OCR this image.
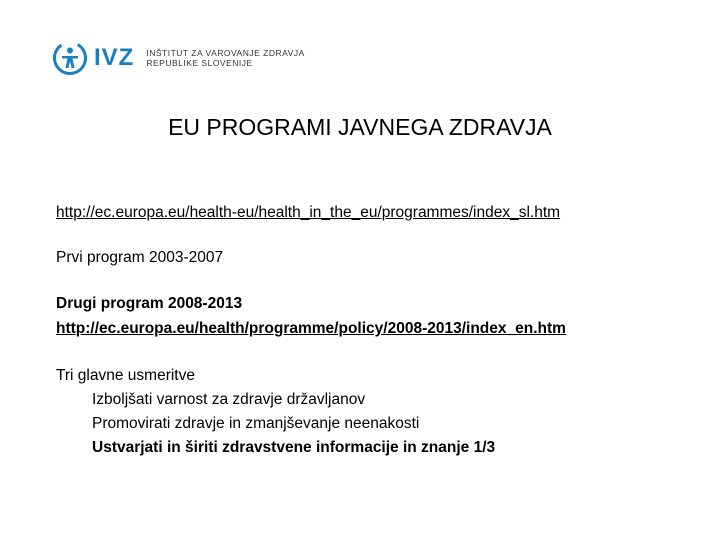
IVZ INŠTITUT ZA VAROVANJE ZDRAVJA
REPUBLIKE SLOVENIJE
EU PROGRAMI JAVNEGA ZDRAVJA
http://ec.europa.eu/health-eu/health_in_the_eu/programmes/index_sl.htm
Prvi program 2003-2007
Drugi program 2008-2013
http://ec.europa.eu/health/programme/policy/2008-2013/index_en.htm
Tri glavne usmeritve
Izboljšati varnost za zdravje državljanov
Promovirati zdravje in zmanjševanje neenakosti
Ustvarjati in širiti zdravstvene informacije in znanje 1/3
